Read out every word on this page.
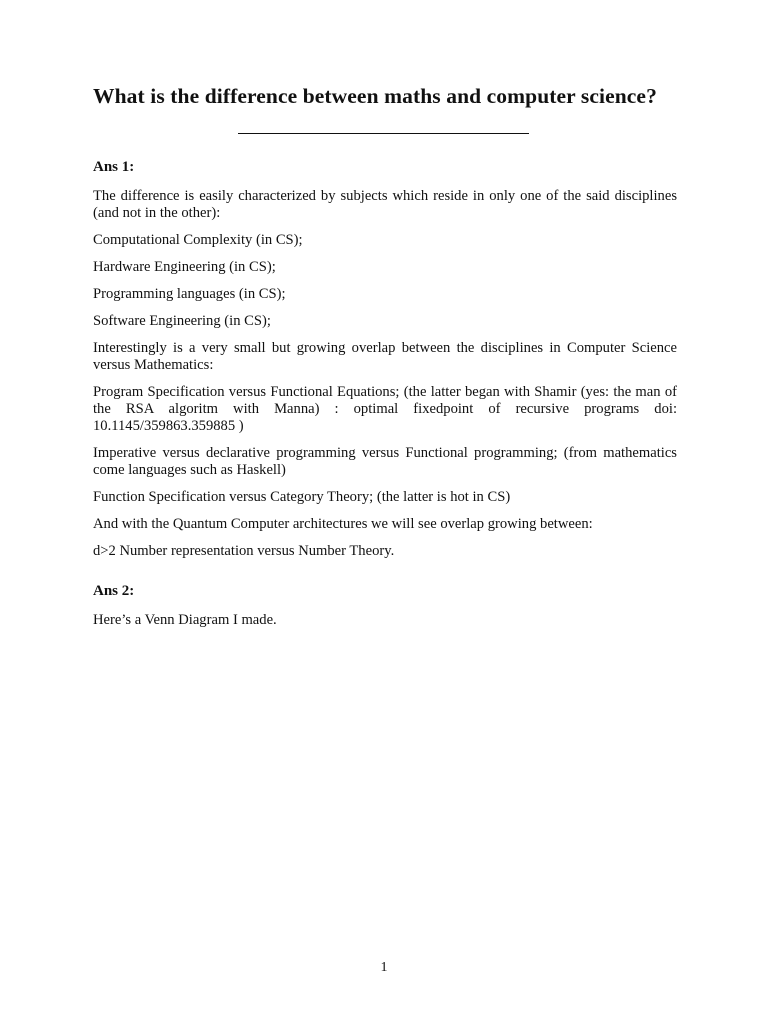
What is the difference between maths and computer science?
Ans 1:

The difference is easily characterized by subjects which reside in only one of the said disciplines (and not in the other):

Computational Complexity (in CS);

Hardware Engineering (in CS);

Programming languages (in CS);

Software Engineering (in CS);

Interestingly is a very small but growing overlap between the disciplines in Computer Science versus Mathematics:

Program Specification versus Functional Equations; (the latter began with Shamir (yes: the man of the RSA algoritm with Manna) : optimal fixedpoint of recursive programs doi: 10.1145/359863.359885 )

Imperative versus declarative programming versus Functional programming; (from mathematics come languages such as Haskell)

Function Specification versus Category Theory; (the latter is hot in CS)

And with the Quantum Computer architectures we will see overlap growing between:

d>2 Number representation versus Number Theory.

Ans 2:

Here’s a Venn Diagram I made.

1
